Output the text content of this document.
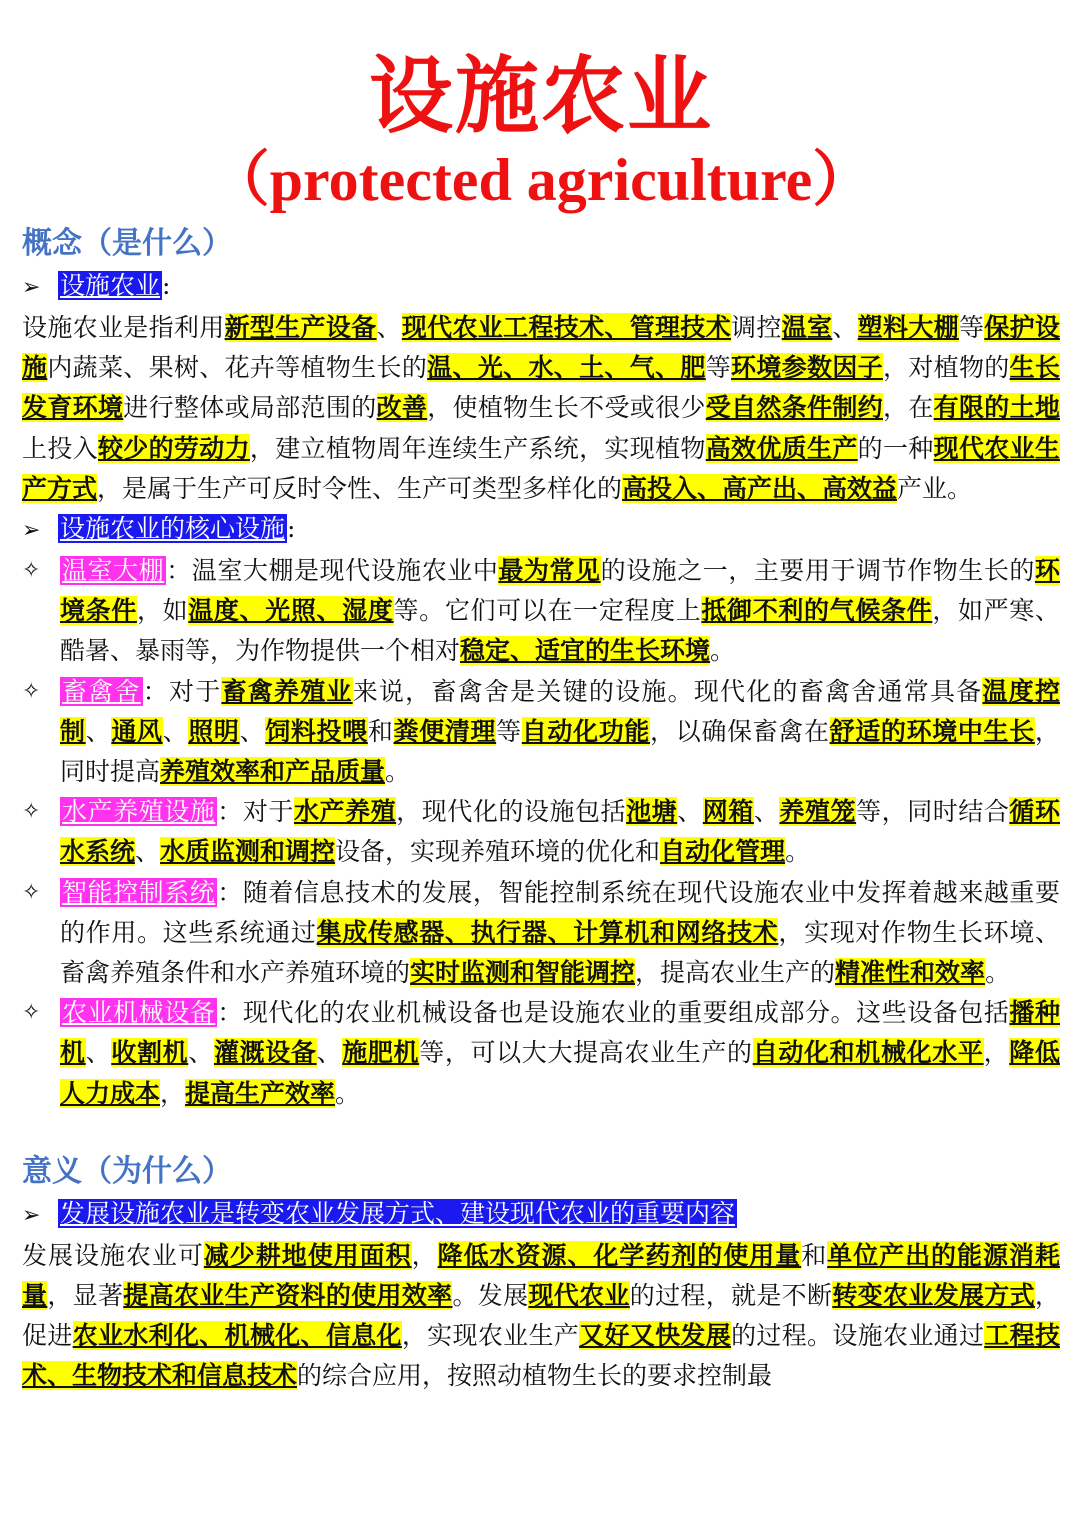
设施农业
（protected agriculture）
概念（是什么）
➢ 设施农业:

设施农业是指利用新型生产设备、现代农业工程技术、管理技术调控温室、塑料大棚等保护设施内蔬菜、果树、花卉等植物生长的温、光、水、土、气、肥等环境参数因子，对植物的生长发育环境进行整体或局部范围的改善，使植物生长不受或很少受自然条件制约，在有限的土地上投入较少的劳动力，建立植物周年连续生产系统，实现植物高效优质生产的一种现代农业生产方式，是属于生产可反时令性、生产可类型多样化的高投入、高产出、高效益产业。

➢ 设施农业的核心设施:
✧ 温室大棚：温室大棚是现代设施农业中最为常见的设施之一，主要用于调节作物生长的环境条件，如温度、光照、湿度等。它们可以在一定程度上抵御不利的气候条件，如严寒、酷暑、暴雨等，为作物提供一个相对稳定、适宜的生长环境。
✧ 畜禽舍：对于畜禽养殖业来说，畜禽舍是关键的设施。现代化的畜禽舍通常具备温度控制、通风、照明、饲料投喂和粪便清理等自动化功能，以确保畜禽在舒适的环境中生长，同时提高养殖效率和产品质量。
✧ 水产养殖设施：对于水产养殖，现代化的设施包括池塘、网箱、养殖笼等，同时结合循环水系统、水质监测和调控设备，实现养殖环境的优化和自动化管理。
✧ 智能控制系统：随着信息技术的发展，智能控制系统在现代设施农业中发挥着越来越重要的作用。这些系统通过集成传感器、执行器、计算机和网络技术，实现对作物生长环境、畜禽养殖条件和水产养殖环境的实时监测和智能调控，提高农业生产的精准性和效率。
✧ 农业机械设备：现代化的农业机械设备也是设施农业的重要组成部分。这些设备包括播种机、收割机、灌溉设备、施肥机等，可以大大提高农业生产的自动化和机械化水平，降低人力成本，提高生产效率。
意义（为什么）
➢ 发展设施农业是转变农业发展方式、建设现代农业的重要内容

发展设施农业可减少耕地使用面积，降低水资源、化学药剂的使用量和单位产出的能源消耗量，显著提高农业生产资料的使用效率。发展现代农业的过程，就是不断转变农业发展方式，促进农业水利化、机械化、信息化，实现农业生产又好又快发展的过程。设施农业通过工程技术、生物技术和信息技术的综合应用，按照动植物生长的要求控制最
